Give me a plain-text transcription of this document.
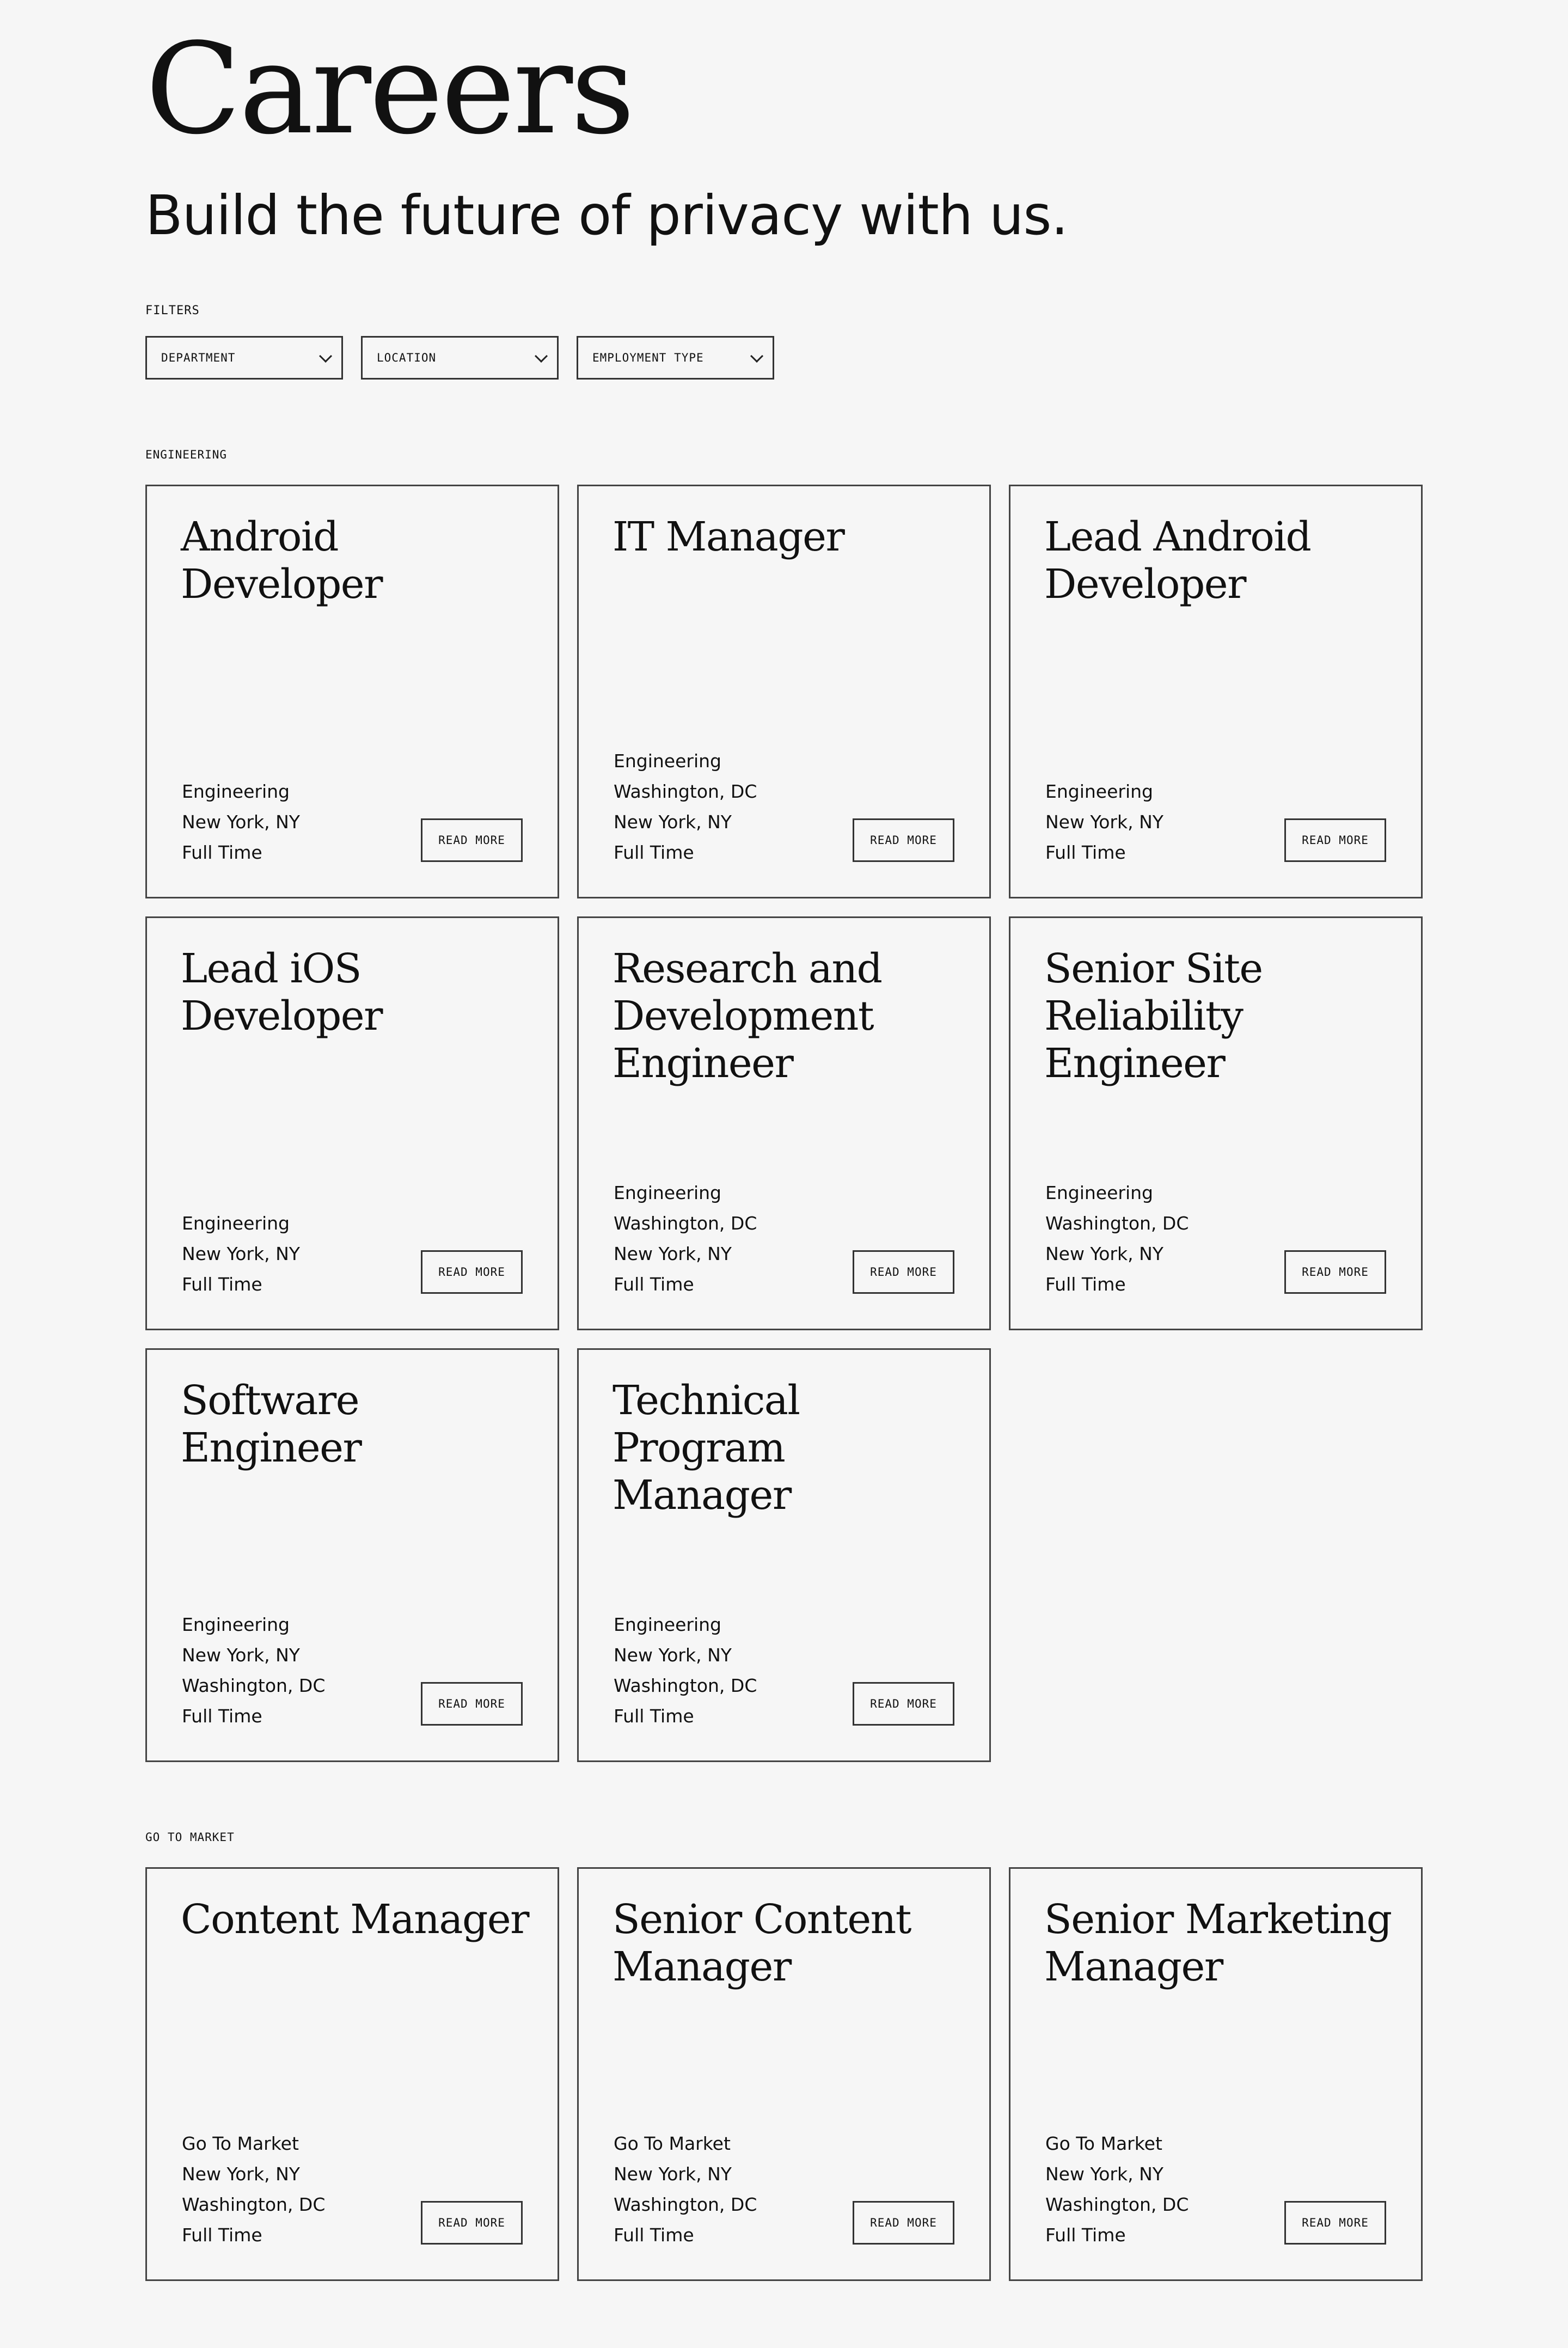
Careers
Build the future of privacy with us.
FILTERS
DEPARTMENT	LOCATION	EMPLOYMENT TYPE
ENGINEERING
Android Developer
Engineering
New York, NY
Full Time
READ MORE
IT Manager
Engineering
Washington, DC
New York, NY
Full Time
READ MORE
Lead Android Developer
Engineering
New York, NY
Full Time
READ MORE
Lead iOS Developer
Engineering
New York, NY
Full Time
READ MORE
Research and Development Engineer
Engineering
Washington, DC
New York, NY
Full Time
READ MORE
Senior Site Reliability Engineer
Engineering
Washington, DC
New York, NY
Full Time
READ MORE
Software Engineer
Engineering
New York, NY
Washington, DC
Full Time
READ MORE
Technical Program Manager
Engineering
New York, NY
Washington, DC
Full Time
READ MORE
GO TO MARKET
Content Manager
Go To Market
New York, NY
Washington, DC
Full Time
READ MORE
Senior Content Manager
Go To Market
New York, NY
Washington, DC
Full Time
READ MORE
Senior Marketing Manager
Go To Market
New York, NY
Washington, DC
Full Time
READ MORE
